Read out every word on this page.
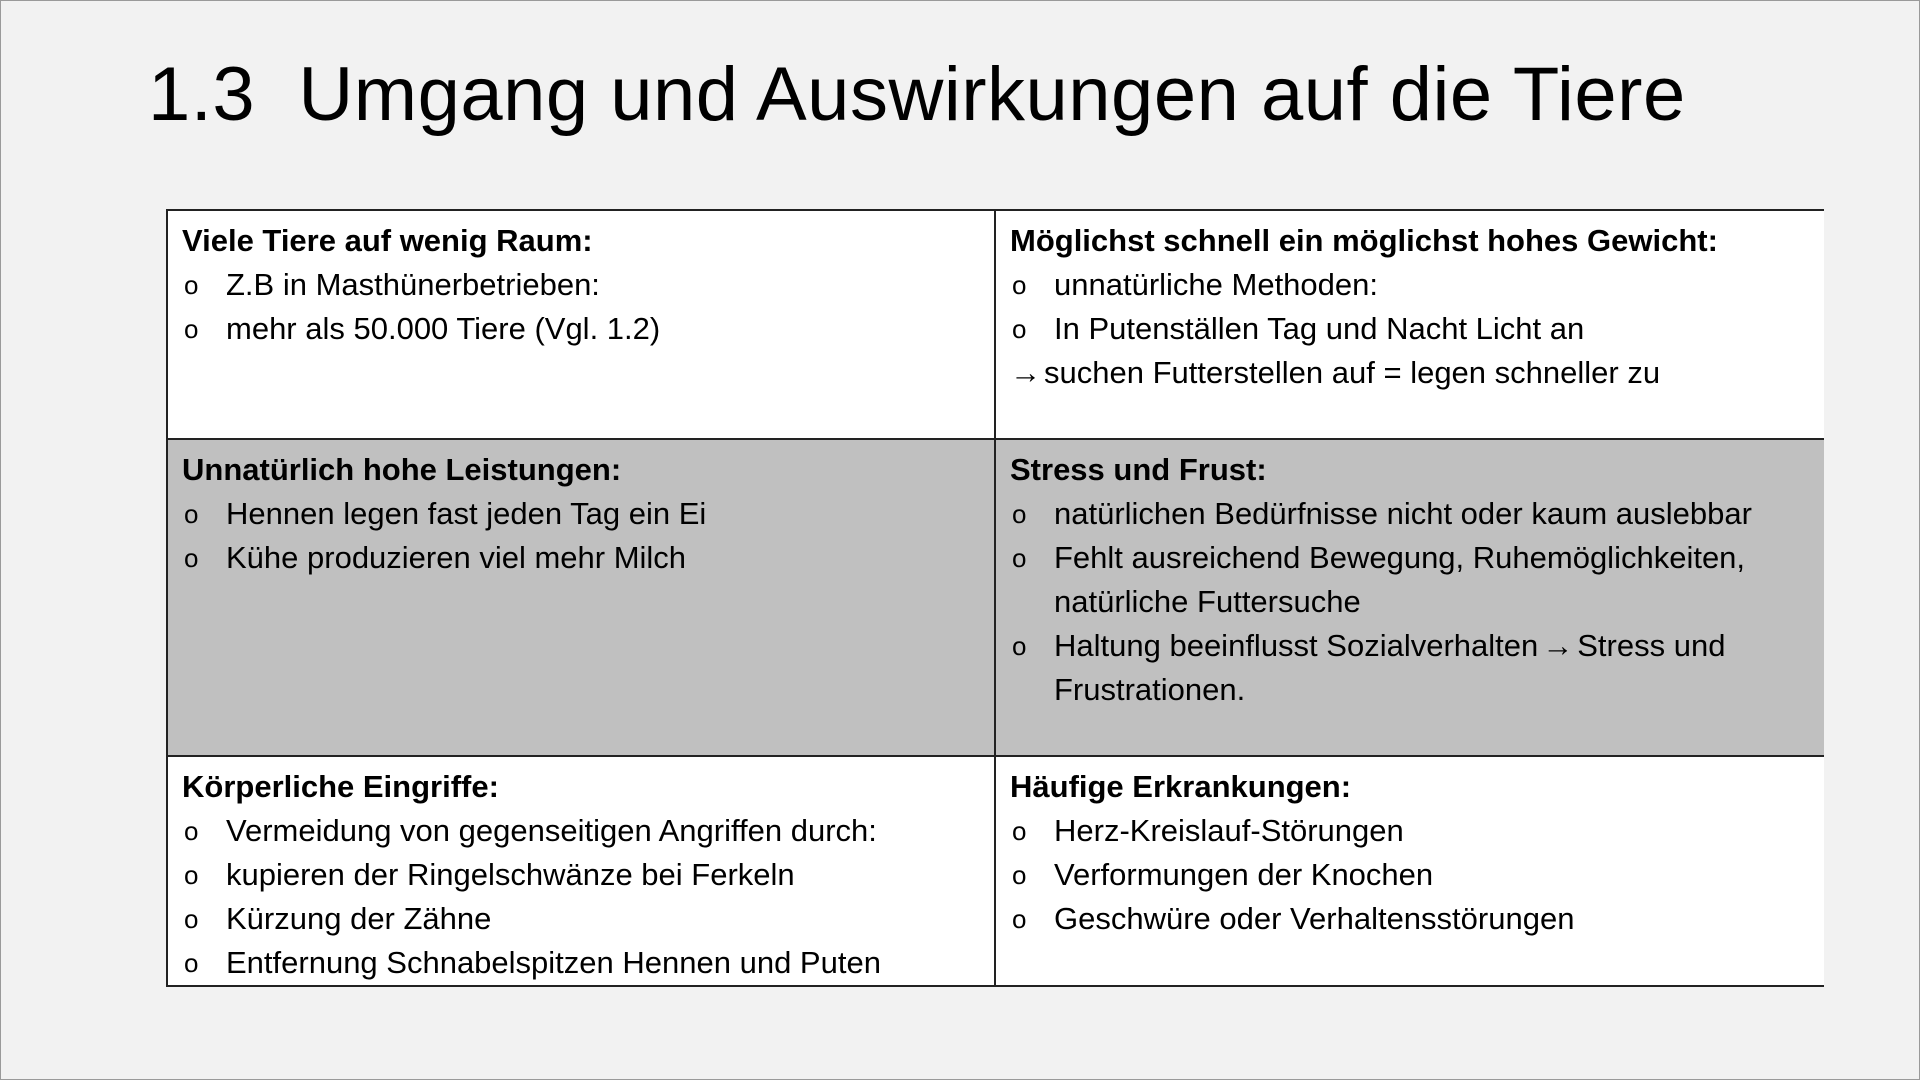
1.3  Umgang und Auswirkungen auf die Tiere
Viele Tiere auf wenig Raum:
o Z.B in Masthünerbetrieben:
o mehr als 50.000 Tiere (Vgl. 1.2)
Möglichst schnell ein möglichst hohes Gewicht:
o unnatürliche Methoden:
o In Putenställen Tag und Nacht Licht an
→suchen Futterstellen auf = legen schneller zu
Unnatürlich hohe Leistungen:
o Hennen legen fast jeden Tag ein Ei
o Kühe produzieren viel mehr Milch
Stress und Frust:
o natürlichen Bedürfnisse nicht oder kaum auslebbar
o Fehlt ausreichend Bewegung, Ruhemöglichkeiten, natürliche Futtersuche
o Haltung beeinflusst Sozialverhalten → Stress und Frustrationen.
Körperliche Eingriffe:
o Vermeidung von gegenseitigen Angriffen durch:
o kupieren der Ringelschwänze bei Ferkeln
o Kürzung der Zähne
o Entfernung Schnabelspitzen Hennen und Puten
Häufige Erkrankungen:
o Herz-Kreislauf-Störungen
o Verformungen der Knochen
o Geschwüre oder Verhaltensstörungen
